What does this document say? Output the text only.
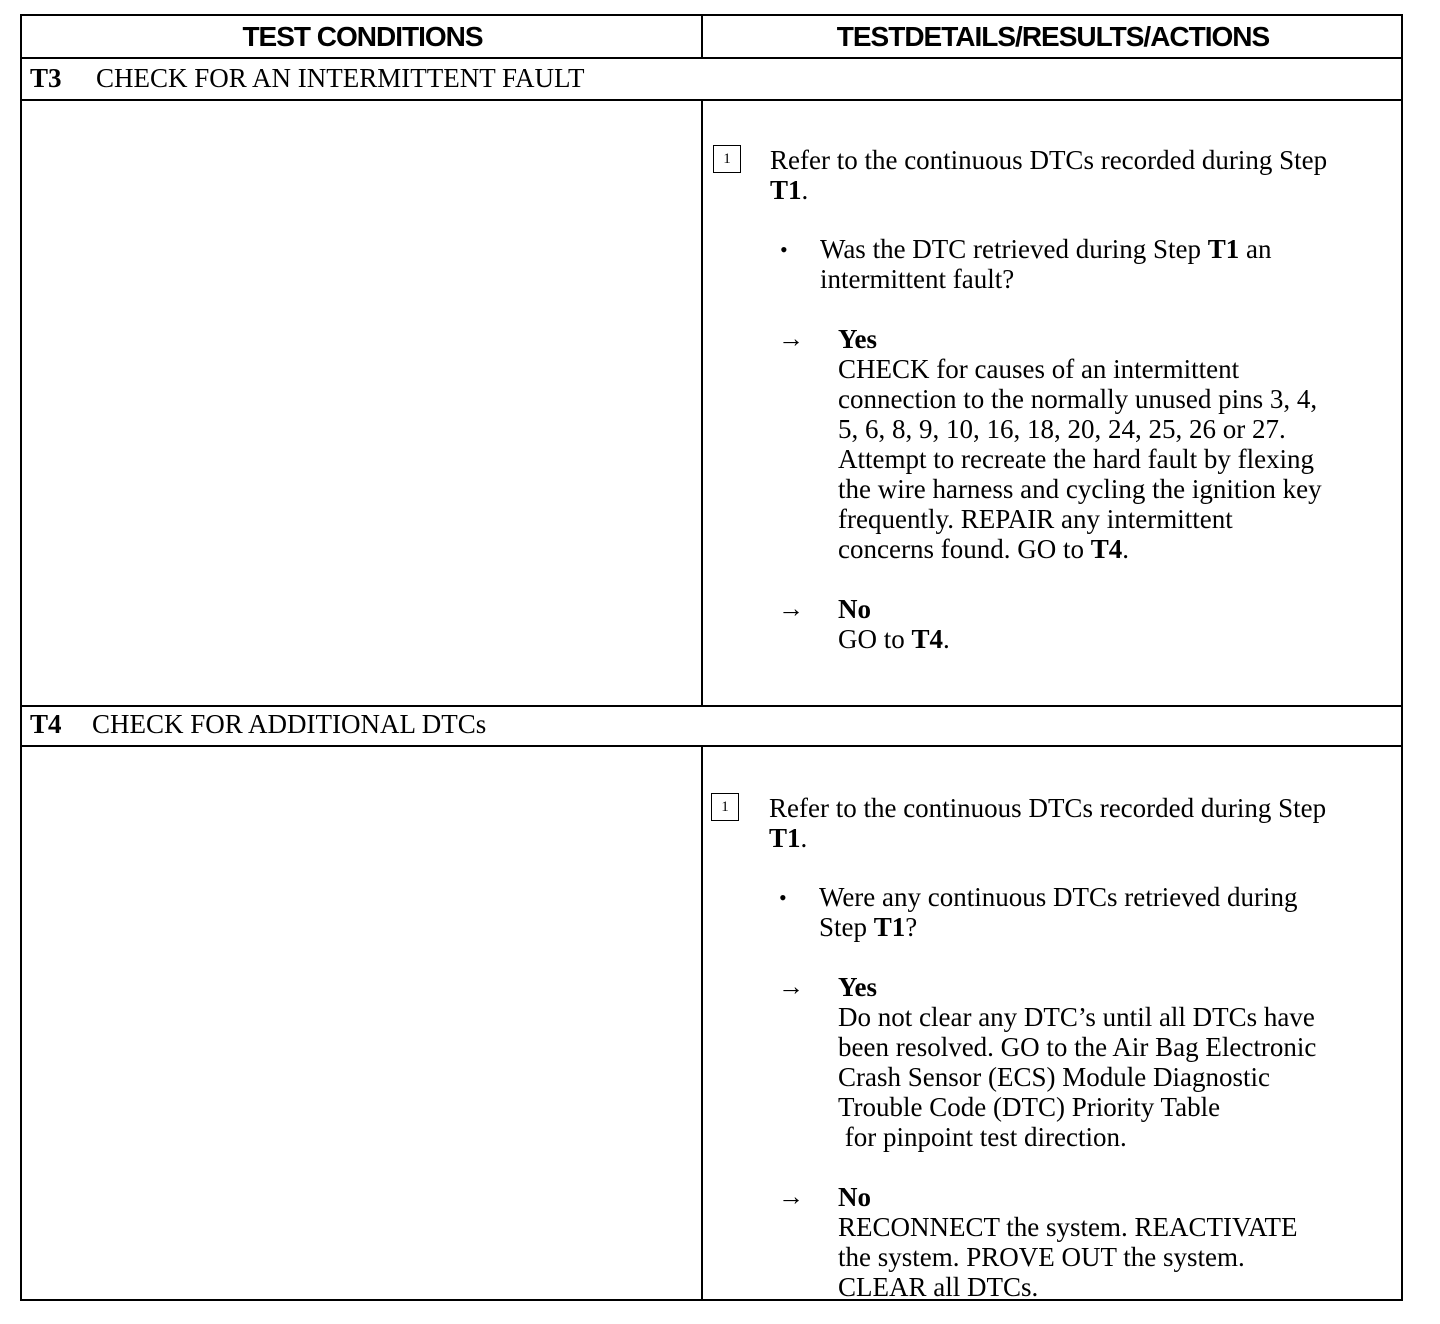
TEST CONDITIONS	TESTDETAILS/RESULTS/ACTIONS
T3 CHECK FOR AN INTERMITTENT FAULT
1	Refer to the continuous DTCs recorded during Step
T1.
• Was the DTC retrieved during Step T1 an
intermittent fault?
→ Yes
CHECK for causes of an intermittent
connection to the normally unused pins 3, 4,
5, 6, 8, 9, 10, 16, 18, 20, 24, 25, 26 or 27.
Attempt to recreate the hard fault by flexing
the wire harness and cycling the ignition key
frequently. REPAIR any intermittent
concerns found. GO to T4.
→ No
GO to T4.
T4 CHECK FOR ADDITIONAL DTCs
1	Refer to the continuous DTCs recorded during Step
T1.
• Were any continuous DTCs retrieved during
Step T1?
→ Yes
Do not clear any DTC’s until all DTCs have
been resolved. GO to the Air Bag Electronic
Crash Sensor (ECS) Module Diagnostic
Trouble Code (DTC) Priority Table
for pinpoint test direction.
→ No
RECONNECT the system. REACTIVATE
the system. PROVE OUT the system.
CLEAR all DTCs.
